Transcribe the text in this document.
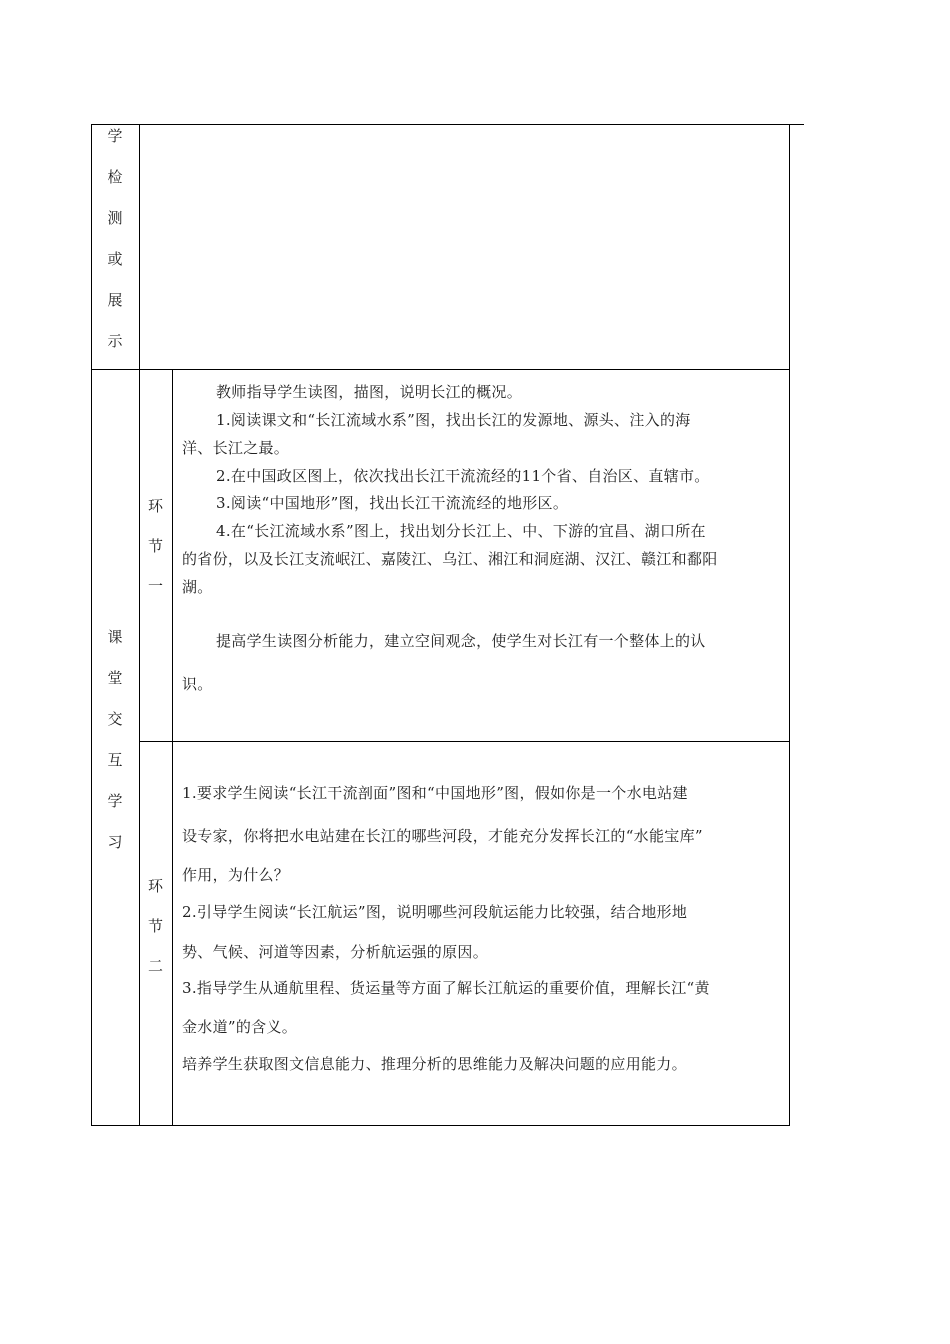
学
检
测
或
展
示
课
堂
交
互
学
习
环
节
一
环
节
二

教师指导学生读图，描图，说明长江的概况。

1.阅读课文和“长江流域水系”图，找出长江的发源地、源头、注入的海

洋、长江之最。

2.在中国政区图上，依次找出长江干流流经的11个省、自治区、直辖市。

3.阅读“中国地形”图，找出长江干流流经的地形区。

4.在“长江流域水系”图上，找出划分长江上、中、下游的宜昌、湖口所在

的省份，以及长江支流岷江、嘉陵江、乌江、湘江和洞庭湖、汉江、赣江和鄱阳

湖。

提高学生读图分析能力，建立空间观念，使学生对长江有一个整体上的认

识。

1.要求学生阅读“长江干流剖面”图和“中国地形”图，假如你是一个水电站建

设专家，你将把水电站建在长江的哪些河段，才能充分发挥长江的“水能宝库”

作用，为什么？

2.引导学生阅读“长江航运”图，说明哪些河段航运能力比较强，结合地形地

势、气候、河道等因素，分析航运强的原因。

3.指导学生从通航里程、货运量等方面了解长江航运的重要价值，理解长江“黄

金水道”的含义。

培养学生获取图文信息能力、推理分析的思维能力及解决问题的应用能力。
